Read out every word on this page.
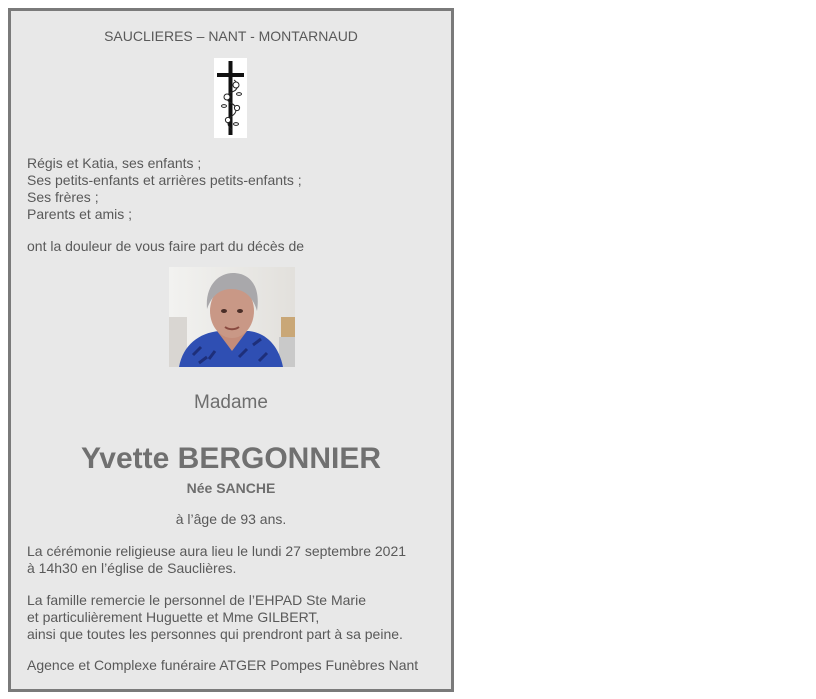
SAUCLIERES – NANT - MONTARNAUD
Régis et Katia, ses enfants ;
Ses petits-enfants et arrières petits-enfants ;
Ses frères ;
Parents et amis ;
ont la douleur de vous faire part du décès de
Madame
Yvette BERGONNIER
Née SANCHE
à l’âge de 93 ans.
La cérémonie religieuse aura lieu le lundi 27 septembre 2021
à 14h30 en l’église de Sauclières.
La famille remercie le personnel de l’EHPAD Ste Marie
et particulièrement Huguette et Mme GILBERT,
ainsi que toutes les personnes qui prendront part à sa peine.
Agence et Complexe funéraire ATGER Pompes Funèbres Nant
